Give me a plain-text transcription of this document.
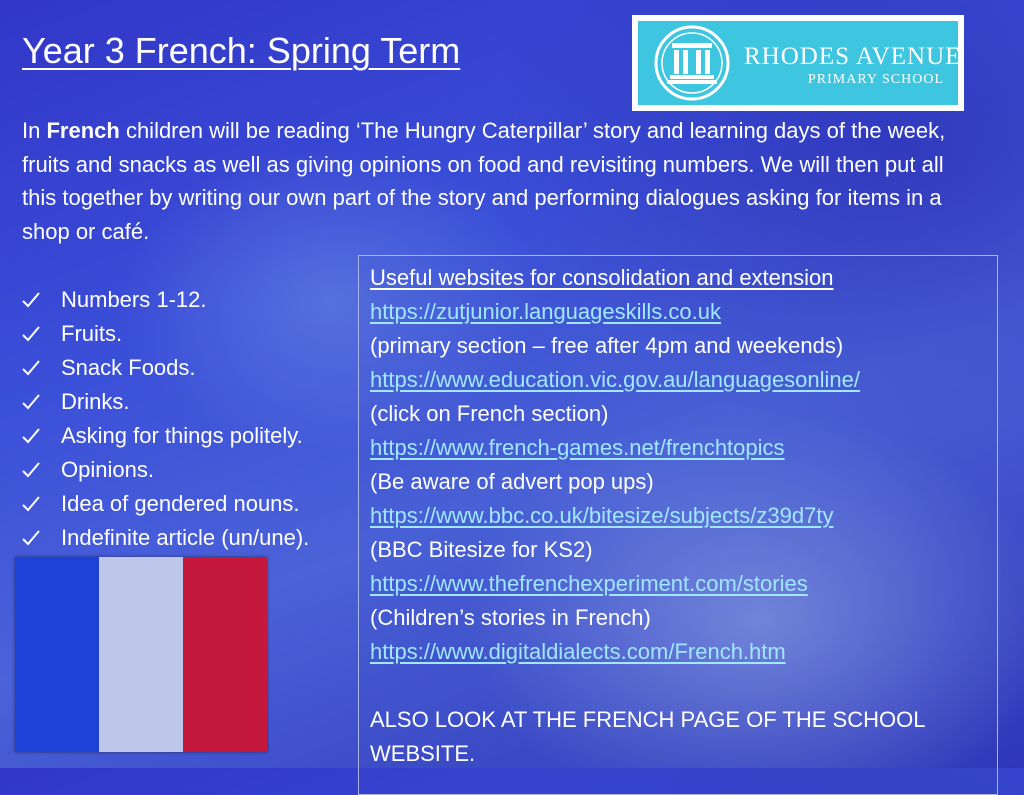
Year 3 French: Spring Term	RHODES AVENUE
PRIMARY SCHOOL

In French children will be reading ‘The Hungry Caterpillar’ story and learning days of the week, fruits and snacks as well as giving opinions on food and revisiting numbers. We will then put all this together by writing our own part of the story and performing dialogues asking for items in a shop or café.

Numbers 1-12.
Fruits.
Snack Foods.
Drinks.
Asking for things politely.
Opinions.
Idea of gendered nouns.
Indefinite article (un/une).
Useful websites for consolidation and extension
https://zutjunior.languageskills.co.uk
(primary section – free after 4pm and weekends)
https://www.education.vic.gov.au/languagesonline/
(click on French section)
https://www.french-games.net/frenchtopics
(Be aware of advert pop ups)
https://www.bbc.co.uk/bitesize/subjects/z39d7ty
(BBC Bitesize for KS2)
https://www.thefrenchexperiment.com/stories
(Children’s stories in French)
https://www.digitaldialects.com/French.htm
ALSO LOOK AT THE FRENCH PAGE OF THE SCHOOL
WEBSITE.
